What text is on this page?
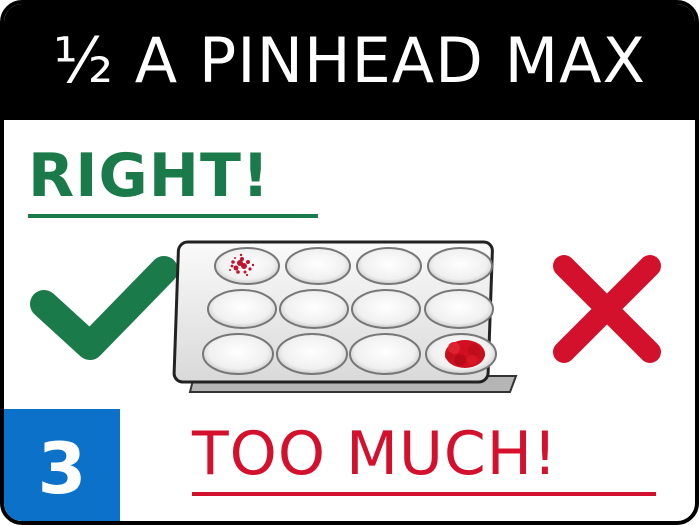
½ A PINHEAD MAX
RIGHT!
3	TOO MUCH!
